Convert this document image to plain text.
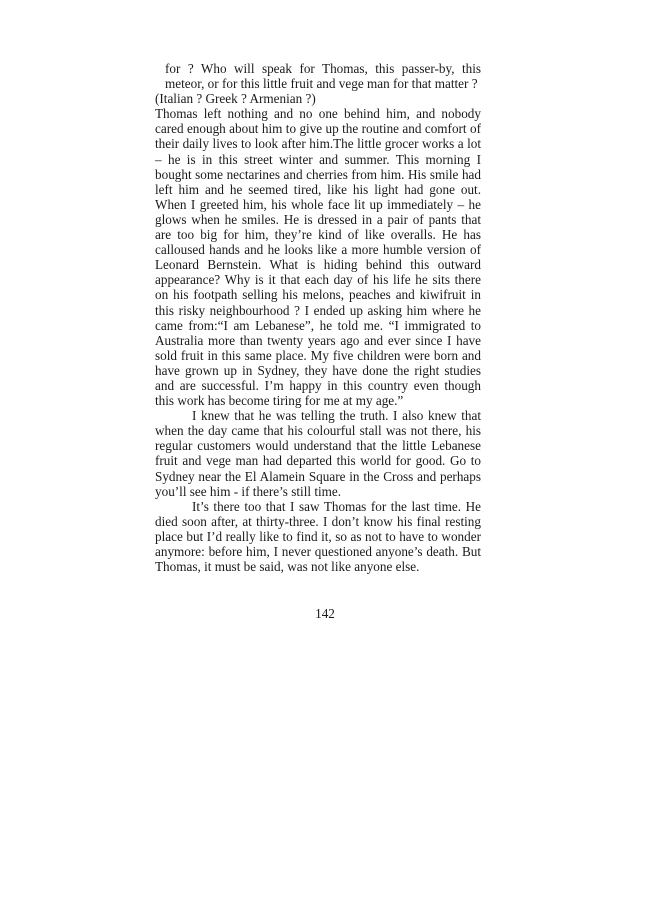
for ? Who will speak for Thomas, this passer-by, this meteor, or for this little fruit and vege man for that matter ?

(Italian ? Greek ? Armenian ?)

Thomas left nothing and no one behind him, and nobody cared enough about him to give up the routine and comfort of their daily lives to look after him.The little grocer works a lot – he is in this street winter and summer. This morning I bought some nectarines and cherries from him. His smile had left him and he seemed tired, like his light had gone out. When I greeted him, his whole face lit up immediately – he glows when he smiles. He is dressed in a pair of pants that are too big for him, they’re kind of like overalls. He has calloused hands and he looks like a more humble version of Leonard Bernstein. What is hiding behind this outward appearance? Why is it that each day of his life he sits there on his footpath selling his melons, peaches and kiwifruit in this risky neighbourhood ? I ended up asking him where he came from:“I am Lebanese”, he told me. “I immigrated to Australia more than twenty years ago and ever since I have sold fruit in this same place. My five children were born and have grown up in Sydney, they have done the right studies and are successful. I’m happy in this country even though this work has become tiring for me at my age.”

I knew that he was telling the truth. I also knew that when the day came that his colourful stall was not there, his regular customers would understand that the little Lebanese fruit and vege man had departed this world for good. Go to Sydney near the El Alamein Square in the Cross and perhaps you’ll see him - if there’s still time.

It’s there too that I saw Thomas for the last time. He died soon after, at thirty-three. I don’t know his final resting place but I’d really like to find it, so as not to have to wonder anymore: before him, I never questioned anyone’s death. But Thomas, it must be said, was not like anyone else.

142
